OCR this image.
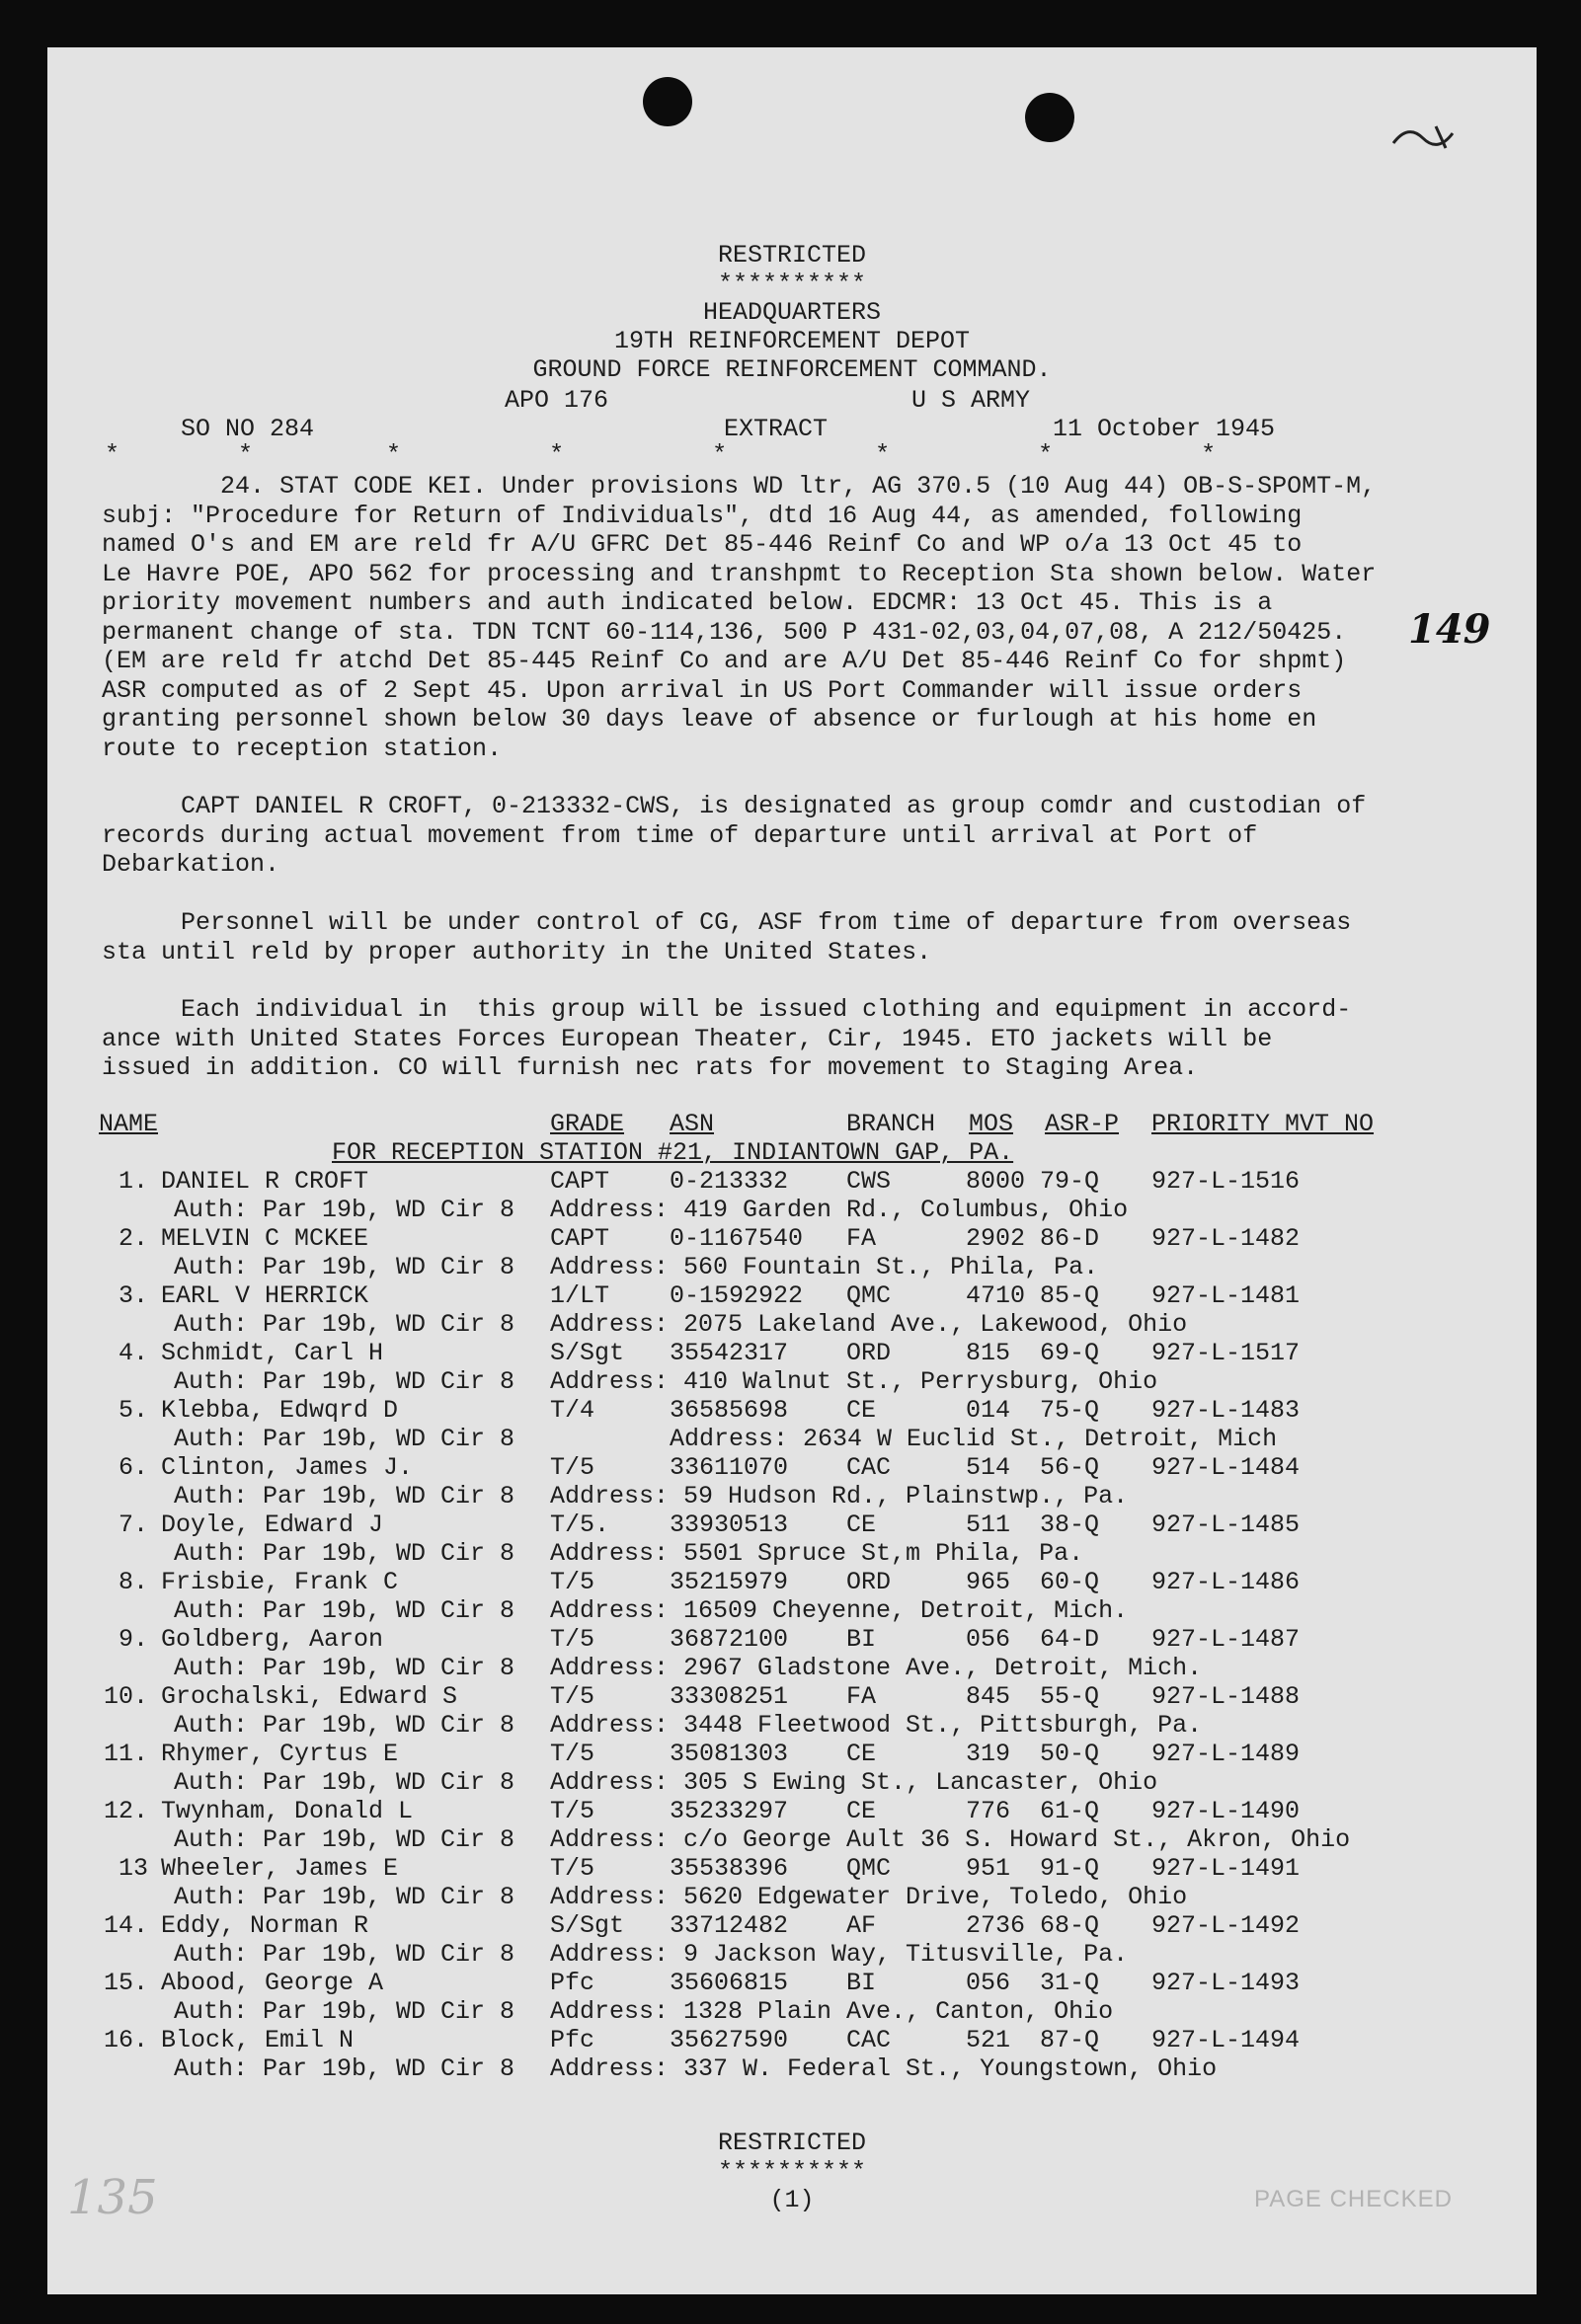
RESTRICTED
**********
HEADQUARTERS
19TH REINFORCEMENT DEPOT
GROUND FORCE REINFORCEMENT COMMAND.
APO 176	U S ARMY
SO NO 284	EXTRACT	11 October 1945
*        *         *          *          *          *          *          *
24. STAT CODE KEI. Under provisions WD ltr, AG 370.5 (10 Aug 44) OB-S-SPOMT-M,
subj: "Procedure for Return of Individuals", dtd 16 Aug 44, as amended, following
named O's and EM are reld fr A/U GFRC Det 85-446 Reinf Co and WP o/a 13 Oct 45 to
Le Havre POE, APO 562 for processing and transhpmt to Reception Sta shown below. Water
priority movement numbers and auth indicated below. EDCMR: 13 Oct 45. This is a
permanent change of sta. TDN TCNT 60-114,136, 500 P 431-02,03,04,07,08, A 212/50425.
(EM are reld fr atchd Det 85-445 Reinf Co and are A/U Det 85-446 Reinf Co for shpmt)
ASR computed as of 2 Sept 45. Upon arrival in US Port Commander will issue orders
granting personnel shown below 30 days leave of absence or furlough at his home en
route to reception station.
149
CAPT DANIEL R CROFT, 0-213332-CWS, is designated as group comdr and custodian of
records during actual movement from time of departure until arrival at Port of
Debarkation.
Personnel will be under control of CG, ASF from time of departure from overseas
sta until reld by proper authority in the United States.
Each individual in  this group will be issued clothing and equipment in accord-
ance with United States Forces European Theater, Cir, 1945. ETO jackets will be
issued in addition. CO will furnish nec rats for movement to Staging Area.
NAME	GRADE ASN	BRANCH MOS ASR-P PRIORITY MVT NO
FOR RECEPTION STATION #21, INDIANTOWN GAP, PA.
1. DANIEL R CROFT	CAPT 0-213332 CWS	8000 79-Q 927-L-1516
Auth: Par 19b, WD Cir 8 Address: 419 Garden Rd., Columbus, Ohio
2. MELVIN C MCKEE	CAPT 0-1167540 FA	2902 86-D 927-L-1482
Auth: Par 19b, WD Cir 8 Address: 560 Fountain St., Phila, Pa.
3. EARL V HERRICK	1/LT 0-1592922 QMC	4710 85-Q 927-L-1481
Auth: Par 19b, WD Cir 8 Address: 2075 Lakeland Ave., Lakewood, Ohio
4. Schmidt, Carl H	S/Sgt 35542317 ORD	815 69-Q 927-L-1517
Auth: Par 19b, WD Cir 8 Address: 410 Walnut St., Perrysburg, Ohio
5. Klebba, Edwqrd D	T/4	36585698 CE	014 75-Q 927-L-1483
Auth: Par 19b, WD Cir 8	Address: 2634 W Euclid St., Detroit, Mich
6. Clinton, James J.	T/5	33611070 CAC	514 56-Q 927-L-1484
Auth: Par 19b, WD Cir 8 Address: 59 Hudson Rd., Plainstwp., Pa.
7. Doyle, Edward J	T/5. 33930513 CE	511 38-Q 927-L-1485
Auth: Par 19b, WD Cir 8 Address: 5501 Spruce St,m Phila, Pa.
8. Frisbie, Frank C	T/5	35215979 ORD	965 60-Q 927-L-1486
Auth: Par 19b, WD Cir 8 Address: 16509 Cheyenne, Detroit, Mich.
9. Goldberg, Aaron	T/5	36872100 BI	056 64-D 927-L-1487
Auth: Par 19b, WD Cir 8 Address: 2967 Gladstone Ave., Detroit, Mich.
10. Grochalski, Edward S	T/5	33308251 FA	845 55-Q 927-L-1488
Auth: Par 19b, WD Cir 8 Address: 3448 Fleetwood St., Pittsburgh, Pa.
11. Rhymer, Cyrtus E	T/5	35081303 CE	319 50-Q 927-L-1489
Auth: Par 19b, WD Cir 8 Address: 305 S Ewing St., Lancaster, Ohio
12. Twynham, Donald L	T/5	35233297 CE	776 61-Q 927-L-1490
Auth: Par 19b, WD Cir 8 Address: c/o George Ault 36 S. Howard St., Akron, Ohio
13 Wheeler, James E	T/5	35538396 QMC	951 91-Q 927-L-1491
Auth: Par 19b, WD Cir 8 Address: 5620 Edgewater Drive, Toledo, Ohio
14. Eddy, Norman R	S/Sgt 33712482 AF	2736 68-Q 927-L-1492
Auth: Par 19b, WD Cir 8 Address: 9 Jackson Way, Titusville, Pa.
15. Abood, George A	Pfc	35606815 BI	056 31-Q 927-L-1493
Auth: Par 19b, WD Cir 8 Address: 1328 Plain Ave., Canton, Ohio
16. Block, Emil N	Pfc	35627590 CAC	521 87-Q 927-L-1494
Auth: Par 19b, WD Cir 8 Address: 337 W. Federal St., Youngstown, Ohio
RESTRICTED
**********
(1)
135	PAGE CHECKED
